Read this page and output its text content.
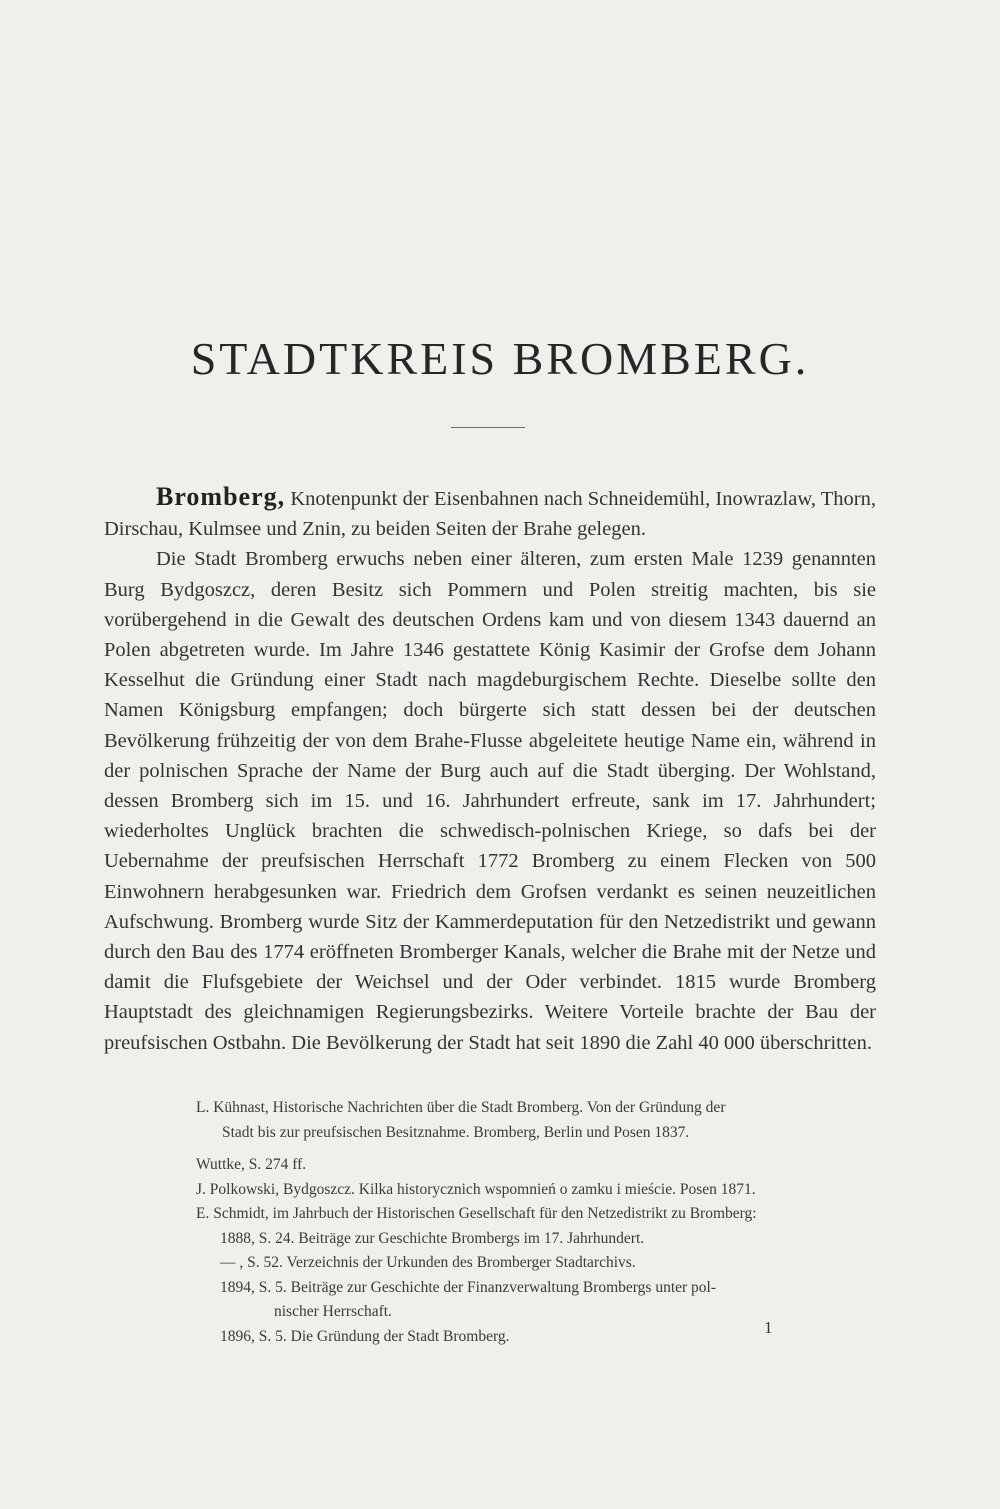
STADTKREIS BROMBERG.

Bromberg, Knotenpunkt der Eisenbahnen nach Schneidemühl, Inowrazlaw, Thorn, Dirschau, Kulmsee und Znin, zu beiden Seiten der Brahe gelegen.

Die Stadt Bromberg erwuchs neben einer älteren, zum ersten Male 1239 genannten Burg Bydgoszcz, deren Besitz sich Pommern und Polen streitig machten, bis sie vorübergehend in die Gewalt des deutschen Ordens kam und von diesem 1343 dauernd an Polen abgetreten wurde. Im Jahre 1346 gestattete König Kasimir der Grofse dem Johann Kesselhut die Gründung einer Stadt nach magdeburgischem Rechte. Dieselbe sollte den Namen Königsburg empfangen; doch bürgerte sich statt dessen bei der deutschen Bevölkerung frühzeitig der von dem Brahe-Flusse abgeleitete heutige Name ein, während in der polnischen Sprache der Name der Burg auch auf die Stadt überging. Der Wohlstand, dessen Bromberg sich im 15. und 16. Jahrhundert erfreute, sank im 17. Jahrhundert; wiederholtes Unglück brachten die schwedisch-polnischen Kriege, so dafs bei der Uebernahme der preufsischen Herrschaft 1772 Bromberg zu einem Flecken von 500 Einwohnern herabgesunken war. Friedrich dem Grofsen verdankt es seinen neuzeitlichen Aufschwung. Bromberg wurde Sitz der Kammerdeputation für den Netzedistrikt und gewann durch den Bau des 1774 eröffneten Bromberger Kanals, welcher die Brahe mit der Netze und damit die Flufsgebiete der Weichsel und der Oder verbindet. 1815 wurde Bromberg Hauptstadt des gleichnamigen Regierungsbezirks. Weitere Vorteile brachte der Bau der preufsischen Ostbahn. Die Bevölkerung der Stadt hat seit 1890 die Zahl 40 000 überschritten.

L. Kühnast, Historische Nachrichten über die Stadt Bromberg. Von der Gründung der
Stadt bis zur preufsischen Besitznahme. Bromberg, Berlin und Posen 1837.
Wuttke, S. 274 ff.
J. Polkowski, Bydgoszcz. Kilka historycznich wspomnień o zamku i mieście. Posen 1871.
E. Schmidt, im Jahrbuch der Historischen Gesellschaft für den Netzedistrikt zu Bromberg:
1888, S. 24. Beiträge zur Geschichte Brombergs im 17. Jahrhundert.
— , S. 52. Verzeichnis der Urkunden des Bromberger Stadtarchivs.
1894, S. 5. Beiträge zur Geschichte der Finanzverwaltung Brombergs unter pol-
nischer Herrschaft.
1896, S. 5. Die Gründung der Stadt Bromberg.	1
